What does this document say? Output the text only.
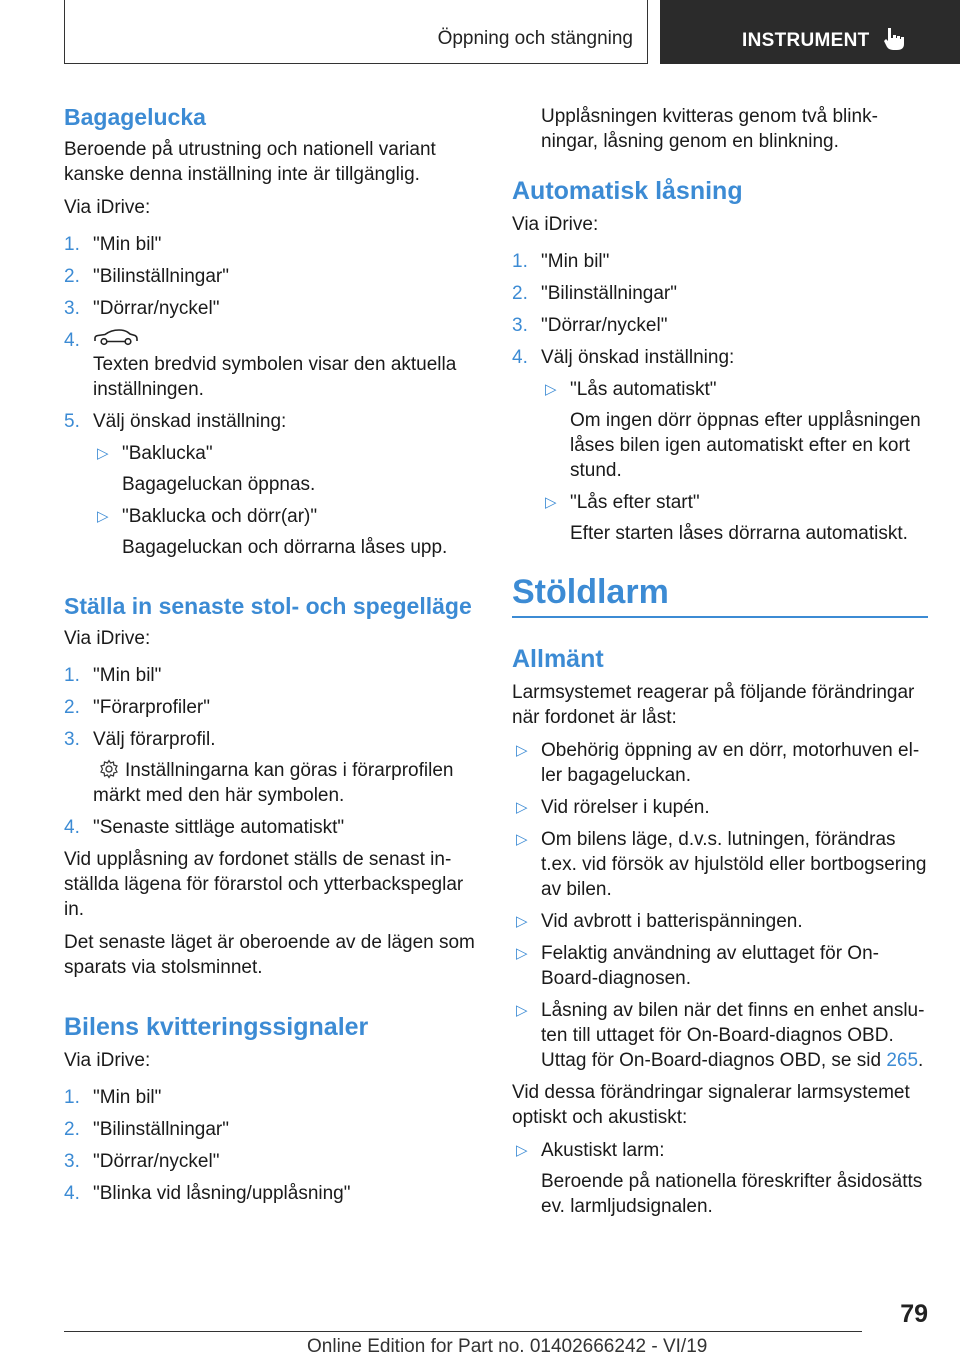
Öppning och stängning	INSTRUMENT
Bagagelucka

Beroende på utrustning och nationell variant kanske denna inställning inte är tillgänglig.

Via iDrive:

1. "Min bil"
2. "Bilinställningar"
3. "Dörrar/nyckel"
4.
Texten bredvid symbolen visar den aktuella inställningen.
5. Välj önskad inställning:
▷ "Baklucka"
Bagageluckan öppnas.
▷ "Baklucka och dörr(ar)"
Bagageluckan och dörrarna låses upp.
Ställa in senaste stol- och spegelläge

Via iDrive:

1. "Min bil"
2. "Förarprofiler"
3. Välj förarprofil.
Inställningarna kan göras i förarprofilen märkt med den här symbolen.
4. "Senaste sittläge automatiskt"

Vid upplåsning av fordonet ställs de senast inställda lägena för förarstol och ytterbackspeglar in.

Det senaste läget är oberoende av de lägen som sparats via stolsminnet.

Bilens kvitteringssignaler

Via iDrive:

1. "Min bil"
2. "Bilinställningar"
3. "Dörrar/nyckel"
4. "Blinka vid låsning/upplåsning"
Upplåsningen kvitteras genom två blinkningar, låsning genom en blinkning.
Automatisk låsning

Via iDrive:

1. "Min bil"
2. "Bilinställningar"
3. "Dörrar/nyckel"
4. Välj önskad inställning:
▷ "Lås automatiskt"
Om ingen dörr öppnas efter upplåsningen låses bilen igen automatiskt efter en kort stund.
▷ "Lås efter start"
Efter starten låses dörrarna automatiskt.
Stöldlarm
Allmänt

Larmsystemet reagerar på följande förändringar när fordonet är låst:

▷ Obehörig öppning av en dörr, motorhuven eller bagageluckan.
▷ Vid rörelser i kupén.
▷ Om bilens läge, d.v.s. lutningen, förändras t.ex. vid försök av hjulstöld eller bortbogsering av bilen.
▷ Vid avbrott i batterispänningen.
▷ Felaktig användning av eluttaget för On-Board-diagnosen.
▷ Låsning av bilen när det finns en enhet ansluten till uttaget för On-Board-diagnos OBD. Uttag för On-Board-diagnos OBD, se sid 265.

Vid dessa förändringar signalerar larmsystemet optiskt och akustiskt:

▷ Akustiskt larm:
Beroende på nationella föreskrifter åsidosätts ev. larmljudsignalen.
79
Online Edition for Part no. 01402666242 - VI/19
